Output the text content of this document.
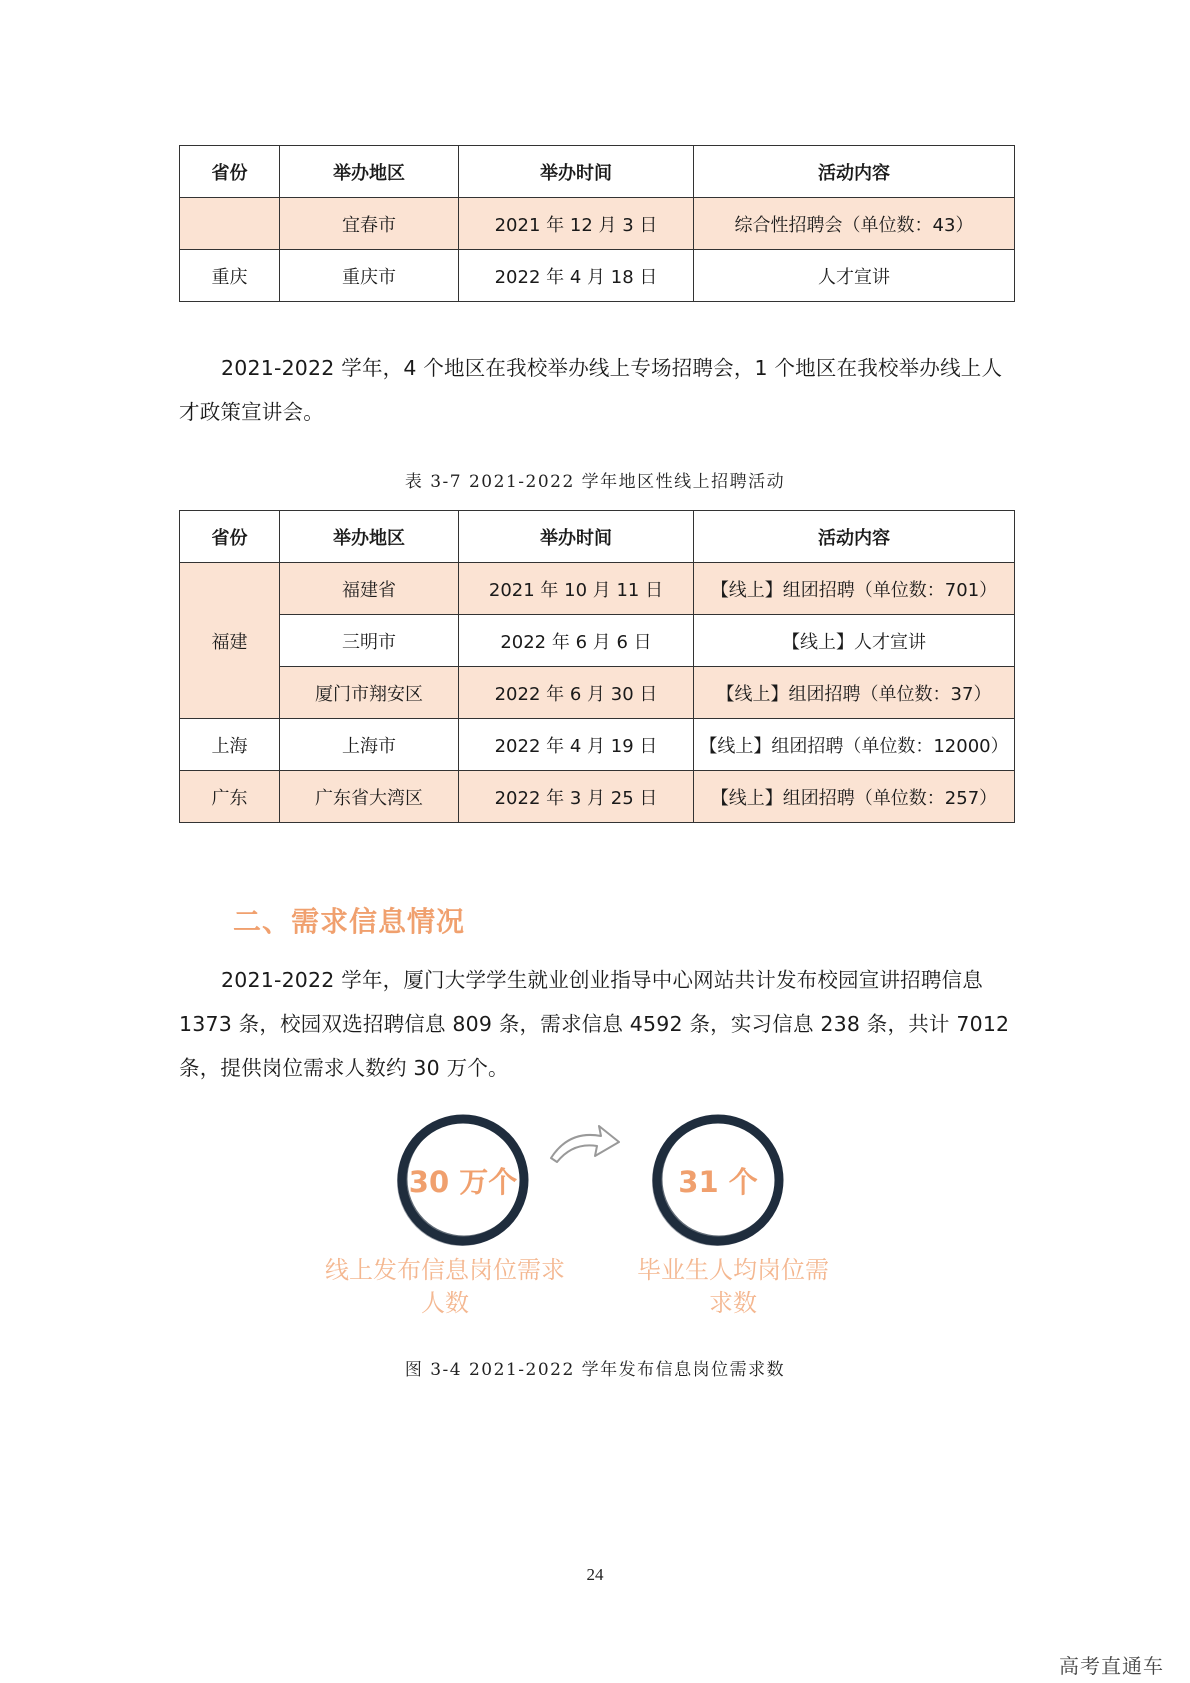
省份	举办地区	举办时间	活动内容
	宜春市	2021 年 12 月 3 日	综合性招聘会（单位数：43）
重庆	重庆市	2022 年 4 月 18 日	人才宣讲

2021-2022 学年，4 个地区在我校举办线上专场招聘会，1 个地区在我校举办线上人才政策宣讲会。

表 3-7 2021-2022 学年地区性线上招聘活动
省份	举办地区	举办时间	活动内容
福建	福建省	2021 年 10 月 11 日	【线上】组团招聘（单位数：701）
	三明市	2022 年 6 月 6 日	【线上】人才宣讲
	厦门市翔安区	2022 年 6 月 30 日	【线上】组团招聘（单位数：37）
上海	上海市	2022 年 4 月 19 日	【线上】组团招聘（单位数：12000）
广东	广东省大湾区	2022 年 3 月 25 日	【线上】组团招聘（单位数：257）
二、需求信息情况

2021-2022 学年，厦门大学学生就业创业指导中心网站共计发布校园宣讲招聘信息 1373 条，校园双选招聘信息 809 条，需求信息 4592 条，实习信息 238 条，共计 7012 条，提供岗位需求人数约 30 万个。

30 万个	31 个
线上发布信息岗位需求人数
毕业生人均岗位需求数
图 3-4 2021-2022 学年发布信息岗位需求数
24
高考直通车
